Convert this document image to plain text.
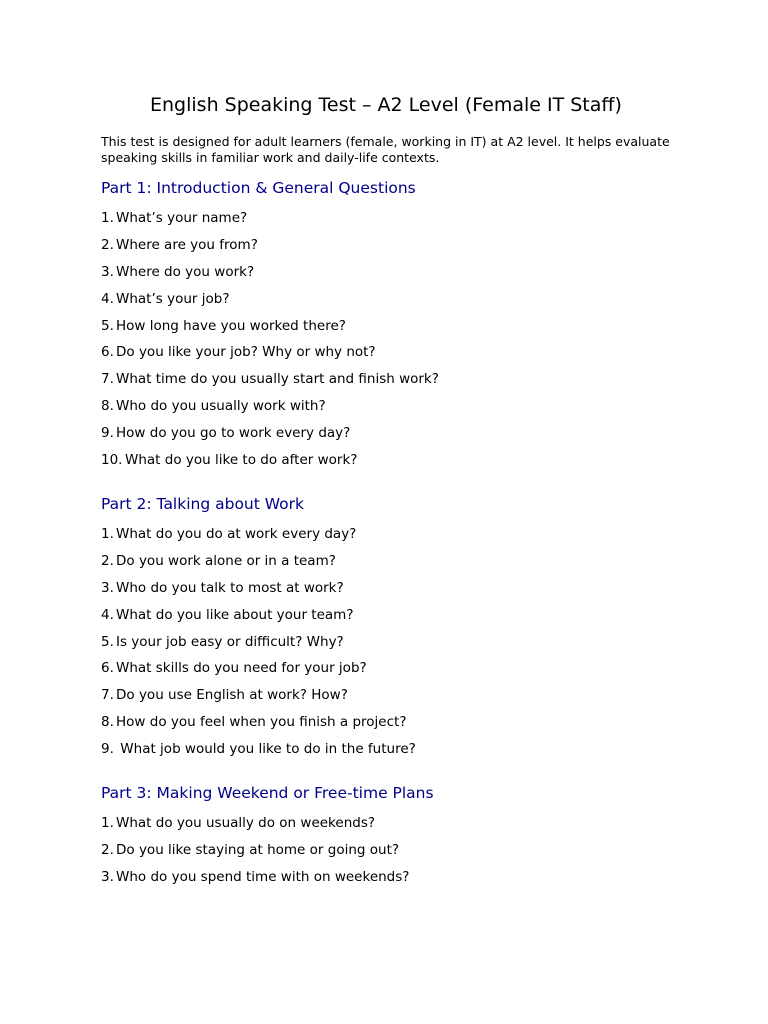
English Speaking Test – A2 Level (Female IT Staff)

This test is designed for adult learners (female, working in IT) at A2 level. It helps evaluate speaking skills in familiar work and daily-life contexts.

Part 1: Introduction & General Questions
1. What’s your name?
2. Where are you from?
3. Where do you work?
4. What’s your job?
5. How long have you worked there?
6. Do you like your job? Why or why not?
7. What time do you usually start and finish work?
8. Who do you usually work with?
9. How do you go to work every day?
10. What do you like to do after work?
Part 2: Talking about Work
1. What do you do at work every day?
2. Do you work alone or in a team?
3. Who do you talk to most at work?
4. What do you like about your team?
5. Is your job easy or difficult? Why?
6. What skills do you need for your job?
7. Do you use English at work? How?
8. How do you feel when you finish a project?
9. What job would you like to do in the future?
Part 3: Making Weekend or Free-time Plans
1. What do you usually do on weekends?
2. Do you like staying at home or going out?
3. Who do you spend time with on weekends?
